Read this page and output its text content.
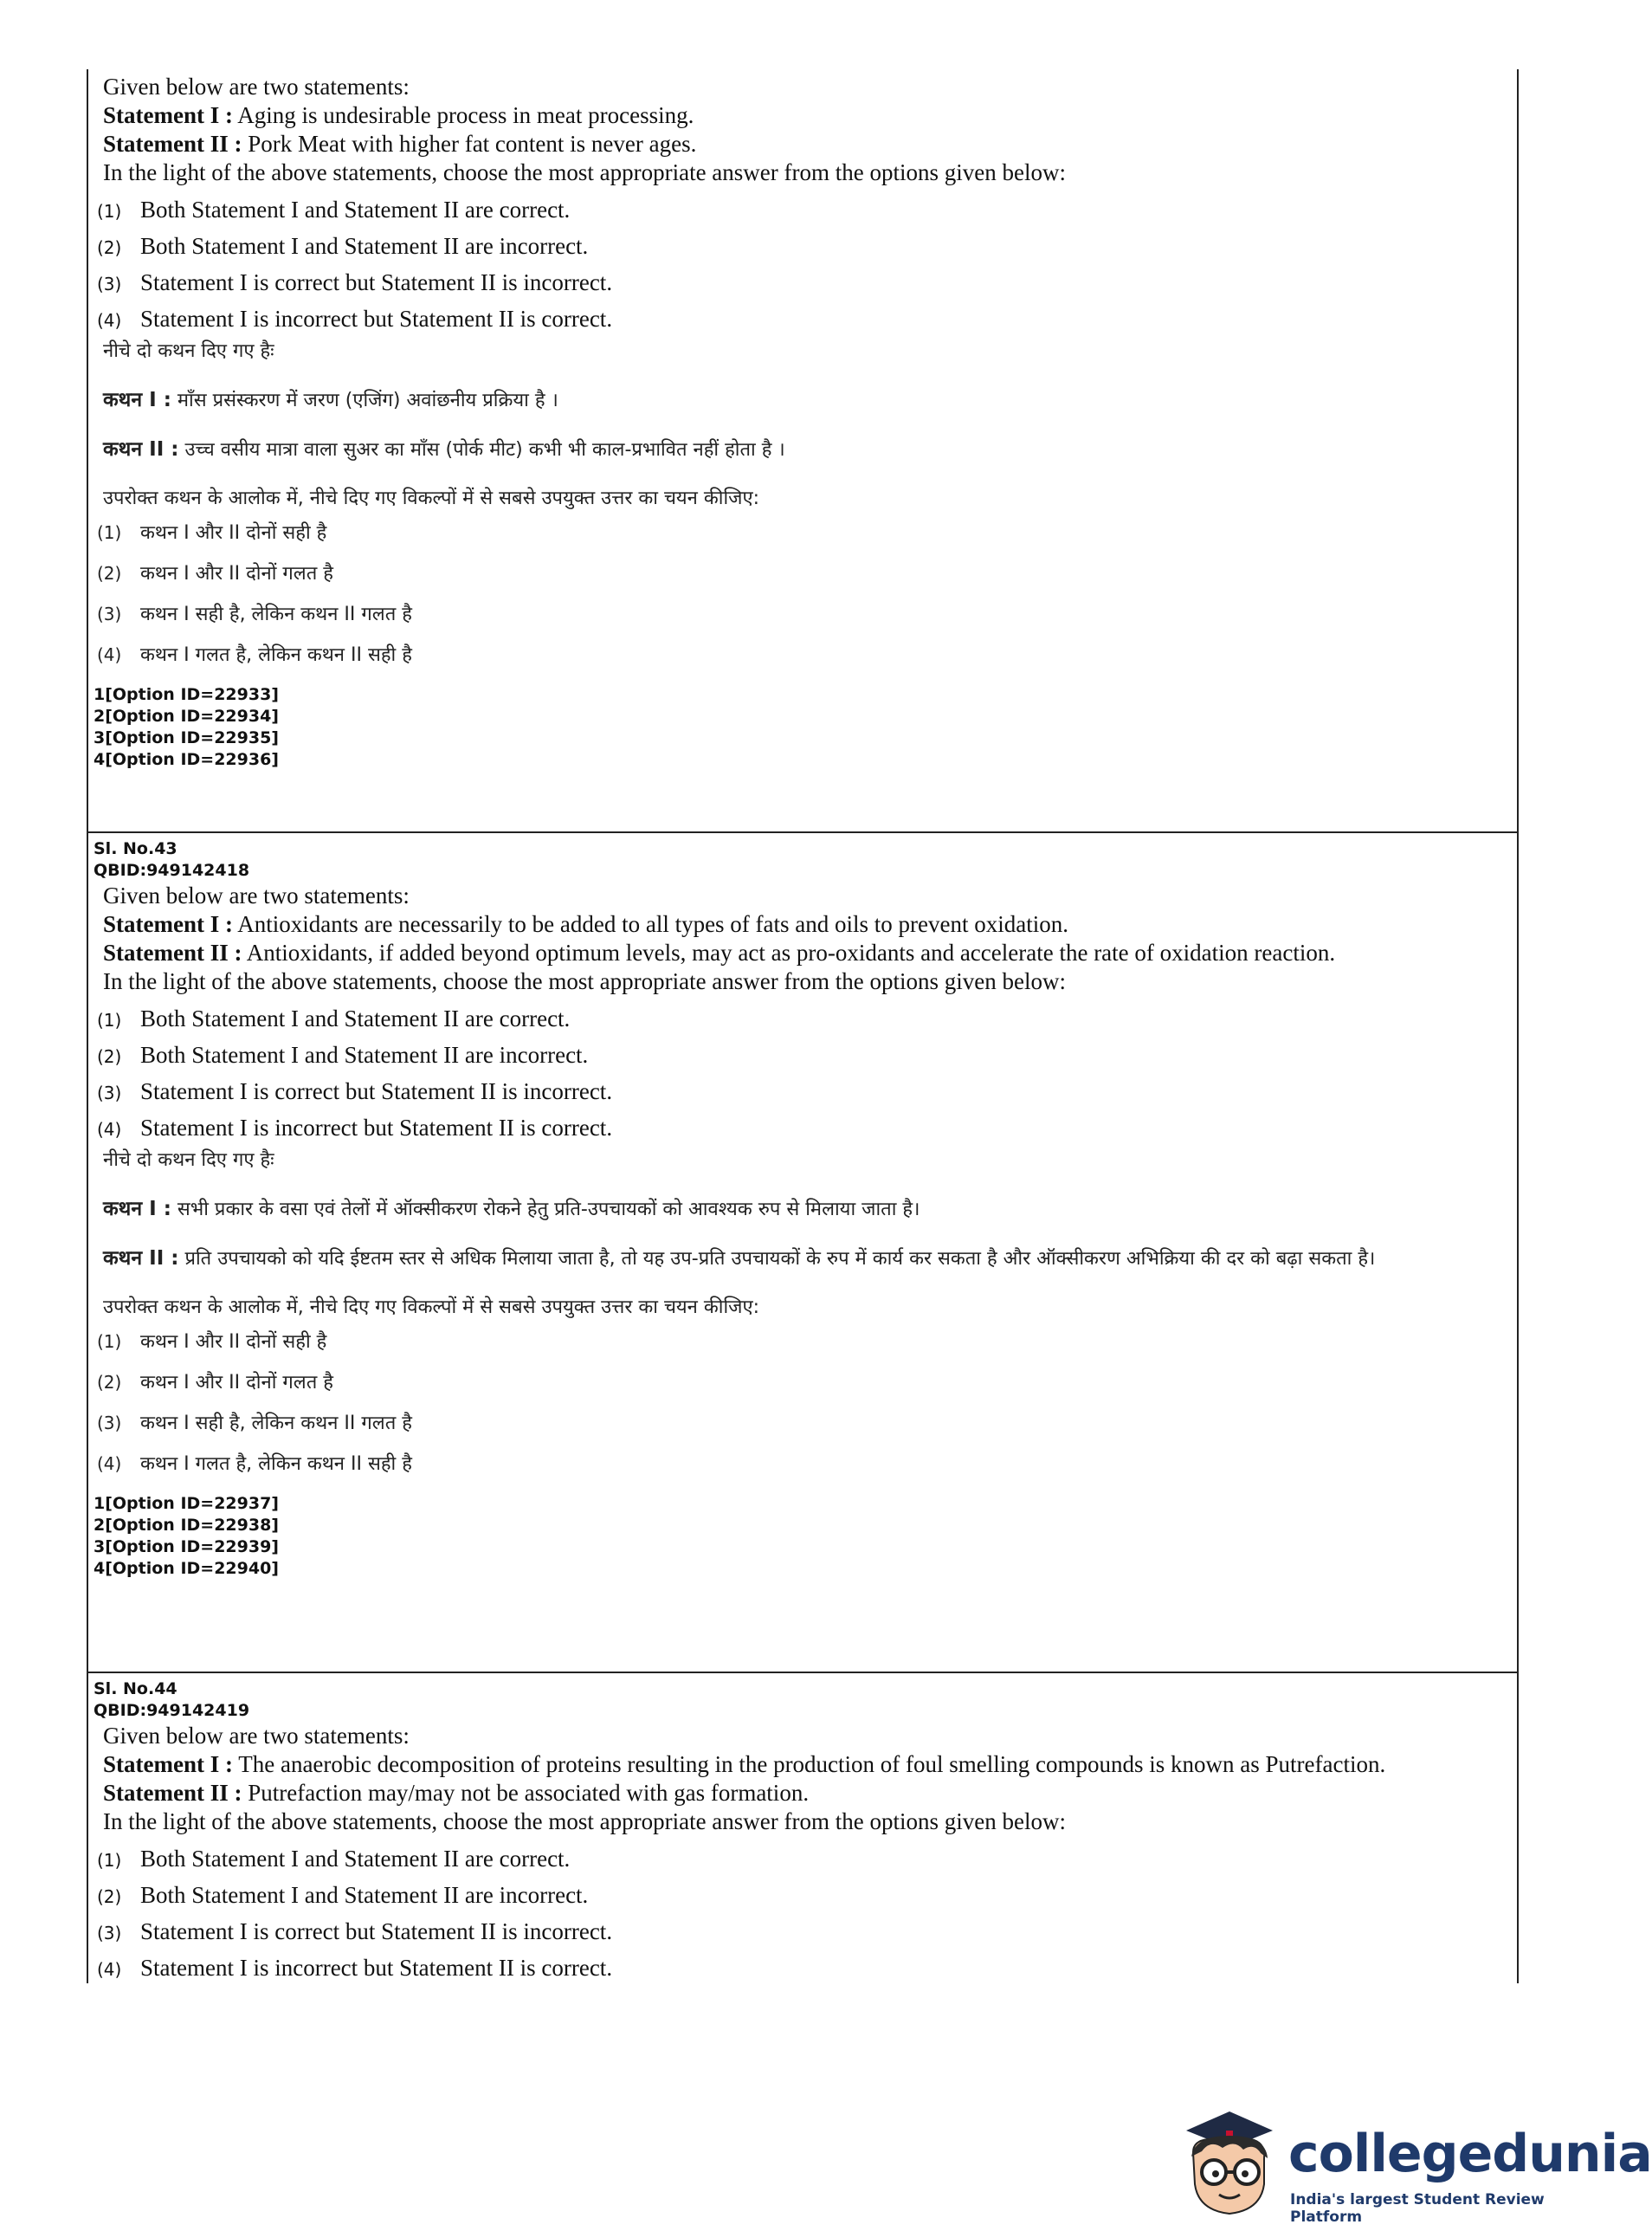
Given below are two statements:
Statement I : Aging is undesirable process in meat processing.
Statement II : Pork Meat with higher fat content is never ages.
In the light of the above statements, choose the most appropriate answer from the options given below:
(1) Both Statement I and Statement II are correct.
(2) Both Statement I and Statement II are incorrect.
(3) Statement I is correct but Statement II is incorrect.
(4) Statement I is incorrect but Statement II is correct.
नीचे दो कथन दिए गए हैः
कथन I : माँस प्रसंस्करण में जरण (एजिंग) अवांछनीय प्रक्रिया है ।
कथन II : उच्च वसीय मात्रा वाला सुअर का माँस (पोर्क मीट) कभी भी काल-प्रभावित नहीं होता है ।
उपरोक्त कथन के आलोक में, नीचे दिए गए विकल्पों में से सबसे उपयुक्त उत्तर का चयन कीजिए:
(1) कथन I और II दोनों सही है
(2) कथन I और II दोनों गलत है
(3) कथन I सही है, लेकिन कथन II गलत है
(4) कथन I गलत है, लेकिन कथन II सही है
1[Option ID=22933]
2[Option ID=22934]
3[Option ID=22935]
4[Option ID=22936]
Sl. No.43
QBID:949142418
Given below are two statements:
Statement I : Antioxidants are necessarily to be added to all types of fats and oils to prevent oxidation.
Statement II : Antioxidants, if added beyond optimum levels, may act as pro-oxidants and accelerate the rate of oxidation reaction.
In the light of the above statements, choose the most appropriate answer from the options given below:
(1) Both Statement I and Statement II are correct.
(2) Both Statement I and Statement II are incorrect.
(3) Statement I is correct but Statement II is incorrect.
(4) Statement I is incorrect but Statement II is correct.
नीचे दो कथन दिए गए हैः
कथन I : सभी प्रकार के वसा एवं तेलों में ऑक्सीकरण रोकने हेतु प्रति-उपचायकों को आवश्यक रुप से मिलाया जाता है।
कथन II : प्रति उपचायको को यदि ईष्टतम स्तर से अधिक मिलाया जाता है, तो यह उप-प्रति उपचायकों के रुप में कार्य कर सकता है और ऑक्सीकरण अभिक्रिया की दर को बढ़ा सकता है।
उपरोक्त कथन के आलोक में, नीचे दिए गए विकल्पों में से सबसे उपयुक्त उत्तर का चयन कीजिए:
(1) कथन I और II दोनों सही है
(2) कथन I और II दोनों गलत है
(3) कथन I सही है, लेकिन कथन II गलत है
(4) कथन I गलत है, लेकिन कथन II सही है
1[Option ID=22937]
2[Option ID=22938]
3[Option ID=22939]
4[Option ID=22940]
Sl. No.44
QBID:949142419
Given below are two statements:
Statement I : The anaerobic decomposition of proteins resulting in the production of foul smelling compounds is known as Putrefaction.
Statement II : Putrefaction may/may not be associated with gas formation.
In the light of the above statements, choose the most appropriate answer from the options given below:
(1) Both Statement I and Statement II are correct.
(2) Both Statement I and Statement II are incorrect.
(3) Statement I is correct but Statement II is incorrect.
(4) Statement I is incorrect but Statement II is correct.
collegedunia
India's largest Student Review Platform
